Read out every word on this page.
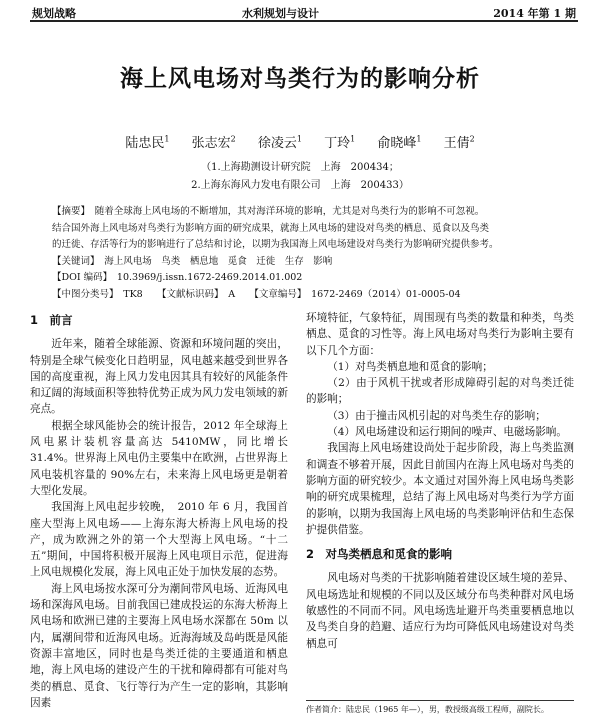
规划战略	水利规划与设计	2014 年第 1 期
海上风电场对鸟类行为的影响分析
陆忠民$^1$ 张志宏$^2$ 徐凌云$^1$ 丁玲$^1$ 俞晓峰$^1$ 王倩$^2$
（1.上海勘测设计研究院　上海　200434；
2.上海东海风力发电有限公司　上海　200433）

【摘要】　随着全球海上风电场的不断增加，其对海洋环境的影响，尤其是对鸟类行为的影响不可忽视。

结合国外海上风电场对鸟类行为影响方面的研究成果，就海上风电场的建设对鸟类的栖息、觅食以及鸟类

的迁徙、存活等行为的影响进行了总结和讨论，以期为我国海上风电场建设对鸟类行为影响研究提供参考。

【关键词】　海上风电场　鸟类　栖息地　觅食　迁徙　生存　影响

【DOI 编码】　10.3969/j.issn.1672-2469.2014.01.002

【中图分类号】　TK8　　【文献标识码】　A　　【文章编号】　1672-2469（2014）01-0005-04

1　前言

近年来，随着全球能源、资源和环境问题的突出，特别是全球气候变化日趋明显，风电越来越受到世界各国的高度重视，海上风力发电因其具有较好的风能条件和辽阔的海域面积等独特优势正成为风力发电领域的新亮点。

根据全球风能协会的统计报告，2012 年全球海上风电累计装机容量高达 5410MW，同比增长 31.4%。世界海上风电仍主要集中在欧洲，占世界海上风电装机容量的 90%左右，未来海上风电场更是朝着大型化发展。

我国海上风电起步较晚，　2010 年 6 月，我国首座大型海上风电场——上海东海大桥海上风电场的投产，成为欧洲之外的第一个大型海上风电场。“十二五”期间，中国将积极开展海上风电项目示范，促进海上风电规模化发展，海上风电正处于加快发展的态势。

海上风电场按水深可分为潮间带风电场、近海风电场和深海风电场。目前我国已建成投运的东海大桥海上风电场和欧洲已建的主要海上风电场水深都在 50m 以内，属潮间带和近海风电场。近海海域及岛屿既是风能资源丰富地区，同时也是鸟类迁徙的主要通道和栖息地，海上风电场的建设产生的干扰和障碍都有可能对鸟类的栖息、觅食、飞行等行为产生一定的影响，其影响因素

环境特征，气象特征，周围现有鸟类的数量和种类，鸟类栖息、觅食的习性等。海上风电场对鸟类行为影响主要有以下几个方面：

（1）对鸟类栖息地和觅食的影响；

（2）由于风机干扰或者形成障碍引起的对鸟类迁徙的影响；

（3）由于撞击风机引起的对鸟类生存的影响；

（4）风电场建设和运行期间的噪声、电磁场影响。

我国海上风电场建设尚处于起步阶段，海上鸟类监测和调查不够着开展，因此目前国内在海上风电场对鸟类的影响方面的研究较少。本文通过对国外海上风电场鸟类影响的研究成果梳理，总结了海上风电场对鸟类行为学方面的影响，以期为我国海上风电场的鸟类影响评估和生态保护提供借鉴。

2　对鸟类栖息和觅食的影响

风电场对鸟类的干扰影响随着建设区域生境的差异、风电场选址和规模的不同以及区域分布鸟类种群对风电场敏感性的不同而不同。风电场选址避开鸟类重要栖息地以及鸟类自身的趋避、适应行为均可降低风电场建设对鸟类栖息可

作者简介：陆忠民（1965 年—），男，教授级高级工程师，副院长。
